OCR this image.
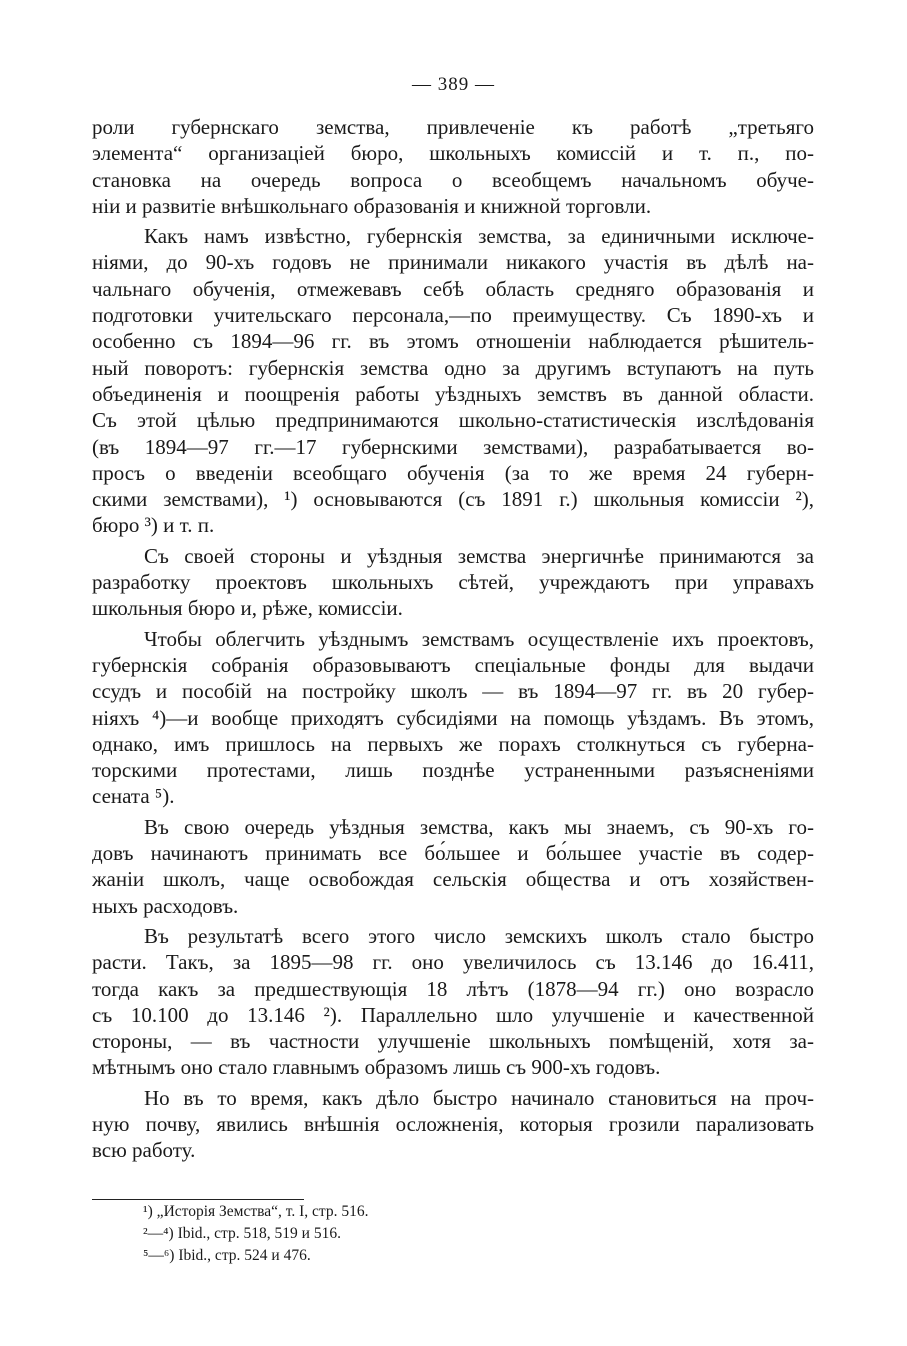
— 389 —
роли губернскаго земства, привлеченіе къ работѣ „третьяго
элемента“ организаціей бюро, школьныхъ комиссій и т. п., по-
становка на очередь вопроса о всеобщемъ начальномъ обуче-
ніи и развитіе внѣшкольнаго образованія и книжной торговли.
Какъ намъ извѣстно, губернскія земства, за единичными исключе-
ніями, до 90-хъ годовъ не принимали никакого участія въ дѣлѣ на-
чальнаго обученія, отмежевавъ себѣ область средняго образованія и
подготовки учительскаго персонала,—по преимуществу. Съ 1890-хъ и
особенно съ 1894—96 гг. въ этомъ отношеніи наблюдается рѣшитель-
ный поворотъ: губернскія земства одно за другимъ вступаютъ на путь
объединенія и поощренія работы уѣздныхъ земствъ въ данной области.
Съ этой цѣлью предпринимаются школьно-статистическія изслѣдованія
(въ 1894—97 гг.—17 губернскими земствами), разрабатывается во-
просъ о введеніи всеобщаго обученія (за то же время 24 губерн-
скими земствами), ¹) основываются (съ 1891 г.) школьныя комиссіи ²),
бюро ³) и т. п.
Съ своей стороны и уѣздныя земства энергичнѣе принимаются за
разработку проектовъ школьныхъ сѣтей, учреждаютъ при управахъ
школьныя бюро и, рѣже, комиссіи.
Чтобы облегчить уѣзднымъ земствамъ осуществленіе ихъ проектовъ,
губернскія собранія образовываютъ спеціальные фонды для выдачи
ссудъ и пособій на постройку школъ — въ 1894—97 гг. въ 20 губер-
ніяхъ ⁴)—и вообще приходятъ субсидіями на помощь уѣздамъ. Въ этомъ,
однако, имъ пришлось на первыхъ же порахъ столкнуться съ губерна-
торскими протестами, лишь позднѣе устраненными разъясненіями
сената ⁵).
Въ свою очередь уѣздныя земства, какъ мы знаемъ, съ 90-хъ го-
довъ начинаютъ принимать все бо́льшее и бо́льшее участіе въ содер-
жаніи школъ, чаще освобождая сельскія общества и отъ хозяйствен-
ныхъ расходовъ.
Въ результатѣ всего этого число земскихъ школъ стало быстро
расти. Такъ, за 1895—98 гг. оно увеличилось съ 13.146 до 16.411,
тогда какъ за предшествующія 18 лѣтъ (1878—94 гг.) оно возрасло
съ 10.100 до 13.146 ²). Параллельно шло улучшеніе и качественной
стороны, — въ частности улучшеніе школьныхъ помѣщеній, хотя за-
мѣтнымъ оно стало главнымъ образомъ лишь съ 900-хъ годовъ.
Но въ то время, какъ дѣло быстро начинало становиться на проч-
ную почву, явились внѣшнія осложненія, которыя грозили парализовать
всю работу.
¹) „Исторія Земства“, т. I, стр. 516.
²—⁴) Ibid., стр. 518, 519 и 516.
⁵—⁶) Ibid., стр. 524 и 476.
